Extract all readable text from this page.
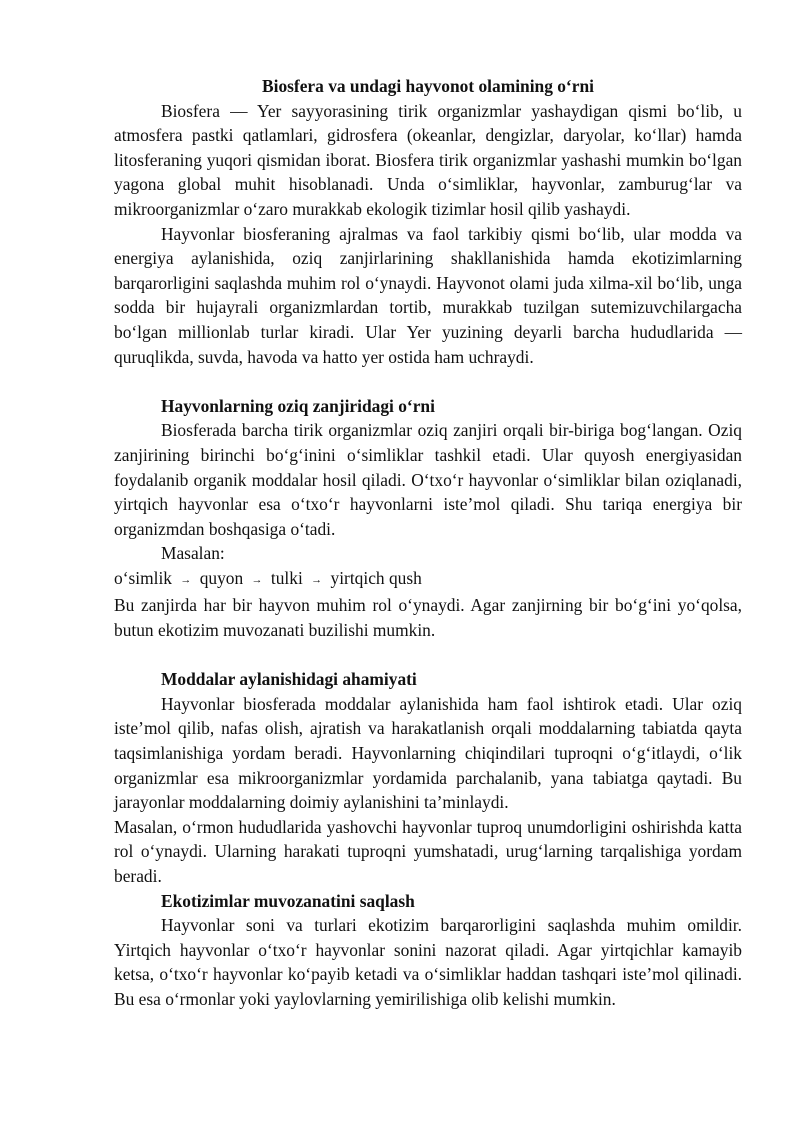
Biosfera va undagi hayvonot olamining oʻrni

Biosfera — Yer sayyorasining tirik organizmlar yashaydigan qismi boʻlib, u atmosfera pastki qatlamlari, gidrosfera (okeanlar, dengizlar, daryolar, koʻllar) hamda litosferaning yuqori qismidan iborat. Biosfera tirik organizmlar yashashi mumkin boʻlgan yagona global muhit hisoblanadi. Unda oʻsimliklar, hayvonlar, zamburugʻlar va mikroorganizmlar oʻzaro murakkab ekologik tizimlar hosil qilib yashaydi.

Hayvonlar biosferaning ajralmas va faol tarkibiy qismi boʻlib, ular modda va energiya aylanishida, oziq zanjirlarining shakllanishida hamda ekotizimlarning barqarorligini saqlashda muhim rol oʻynaydi. Hayvonot olami juda xilma-xil boʻlib, unga sodda bir hujayrali organizmlardan tortib, murakkab tuzilgan sutemizuvchilargacha boʻlgan millionlab turlar kiradi. Ular Yer yuzining deyarli barcha hududlarida — quruqlikda, suvda, havoda va hatto yer ostida ham uchraydi.

Hayvonlarning oziq zanjiridagi oʻrni

Biosferada barcha tirik organizmlar oziq zanjiri orqali bir-biriga bogʻlangan. Oziq zanjirining birinchi boʻgʻinini oʻsimliklar tashkil etadi. Ular quyosh energiyasidan foydalanib organik moddalar hosil qiladi. Oʻtxoʻr hayvonlar oʻsimliklar bilan oziqlanadi, yirtqich hayvonlar esa oʻtxoʻr hayvonlarni isteʼmol qiladi. Shu tariqa energiya bir organizmdan boshqasiga oʻtadi.

Masalan:

oʻsimlik → quyon → tulki → yirtqich qush

Bu zanjirda har bir hayvon muhim rol oʻynaydi. Agar zanjirning bir boʻgʻini yoʻqolsa, butun ekotizim muvozanati buzilishi mumkin.

Moddalar aylanishidagi ahamiyati

Hayvonlar biosferada moddalar aylanishida ham faol ishtirok etadi. Ular oziq isteʼmol qilib, nafas olish, ajratish va harakatlanish orqali moddalarning tabiatda qayta taqsimlanishiga yordam beradi. Hayvonlarning chiqindilari tuproqni oʻgʻitlaydi, oʻlik organizmlar esa mikroorganizmlar yordamida parchalanib, yana tabiatga qaytadi. Bu jarayonlar moddalarning doimiy aylanishini taʼminlaydi.

Masalan, oʻrmon hududlarida yashovchi hayvonlar tuproq unumdorligini oshirishda katta rol oʻynaydi. Ularning harakati tuproqni yumshatadi, urugʻlarning tarqalishiga yordam beradi.

Ekotizimlar muvozanatini saqlash

Hayvonlar soni va turlari ekotizim barqarorligini saqlashda muhim omildir. Yirtqich hayvonlar oʻtxoʻr hayvonlar sonini nazorat qiladi. Agar yirtqichlar kamayib ketsa, oʻtxoʻr hayvonlar koʻpayib ketadi va oʻsimliklar haddan tashqari isteʼmol qilinadi. Bu esa oʻrmonlar yoki yaylovlarning yemirilishiga olib kelishi mumkin.
